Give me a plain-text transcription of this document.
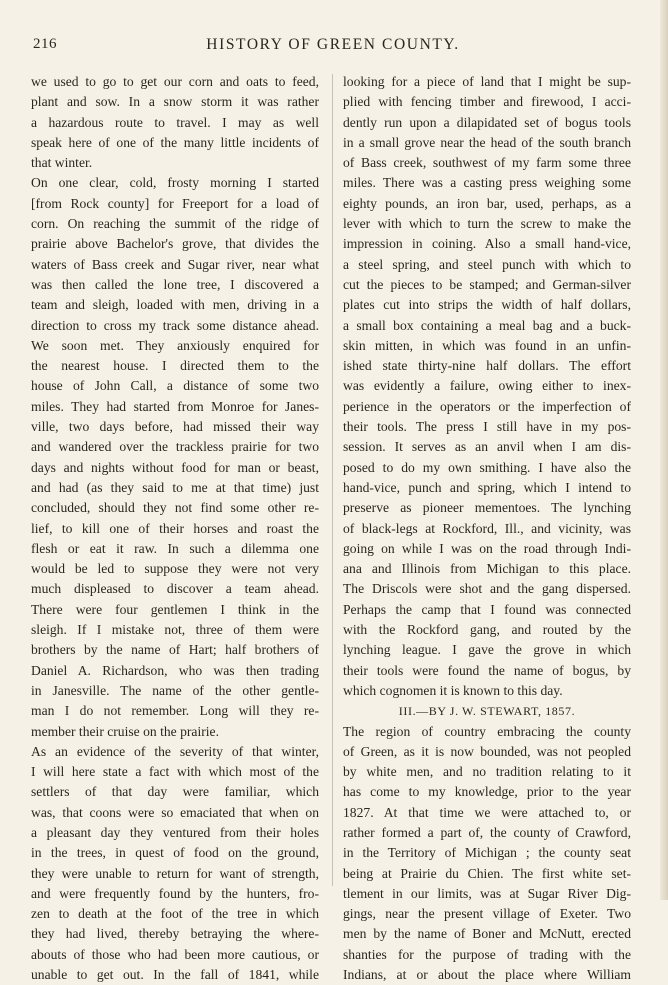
216	HISTORY OF GREEN COUNTY.
we used to go to get our corn and oats to feed,
plant and sow. In a snow storm it was rather
a hazardous route to travel. I may as well
speak here of one of the many little incidents of
that winter.
On one clear, cold, frosty morning I started
[from Rock county] for Freeport for a load of
corn. On reaching the summit of the ridge of
prairie above Bachelor's grove, that divides the
waters of Bass creek and Sugar river, near what
was then called the lone tree, I discovered a
team and sleigh, loaded with men, driving in a
direction to cross my track some distance ahead.
We soon met. They anxiously enquired for
the nearest house. I directed them to the
house of John Call, a distance of some two
miles. They had started from Monroe for Janes-
ville, two days before, had missed their way
and wandered over the trackless prairie for two
days and nights without food for man or beast,
and had (as they said to me at that time) just
concluded, should they not find some other re-
lief, to kill one of their horses and roast the
flesh or eat it raw. In such a dilemma one
would be led to suppose they were not very
much displeased to discover a team ahead.
There were four gentlemen I think in the
sleigh. If I mistake not, three of them were
brothers by the name of Hart; half brothers of
Daniel A. Richardson, who was then trading
in Janesville. The name of the other gentle-
man I do not remember. Long will they re-
member their cruise on the prairie.
As an evidence of the severity of that winter,
I will here state a fact with which most of the
settlers of that day were familiar, which
was, that coons were so emaciated that when on
a pleasant day they ventured from their holes
in the trees, in quest of food on the ground,
they were unable to return for want of strength,
and were frequently found by the hunters, fro-
zen to death at the foot of the tree in which
they had lived, thereby betraying the where-
abouts of those who had been more cautious, or
unable to get out. In the fall of 1841, while
looking for a piece of land that I might be sup-
plied with fencing timber and firewood, I acci-
dently run upon a dilapidated set of bogus tools
in a small grove near the head of the south branch
of Bass creek, southwest of my farm some three
miles. There was a casting press weighing some
eighty pounds, an iron bar, used, perhaps, as a
lever with which to turn the screw to make the
impression in coining. Also a small hand-vice,
a steel spring, and steel punch with which to
cut the pieces to be stamped; and German-silver
plates cut into strips the width of half dollars,
a small box containing a meal bag and a buck-
skin mitten, in which was found in an unfin-
ished state thirty-nine half dollars. The effort
was evidently a failure, owing either to inex-
perience in the operators or the imperfection of
their tools. The press I still have in my pos-
session. It serves as an anvil when I am dis-
posed to do my own smithing. I have also the
hand-vice, punch and spring, which I intend to
preserve as pioneer mementoes. The lynching
of black-legs at Rockford, Ill., and vicinity, was
going on while I was on the road through Indi-
ana and Illinois from Michigan to this place.
The Driscols were shot and the gang dispersed.
Perhaps the camp that I found was connected
with the Rockford gang, and routed by the
lynching league. I gave the grove in which
their tools were found the name of bogus, by
which cognomen it is known to this day.
III.—BY J. W. STEWART, 1857.
The region of country embracing the county
of Green, as it is now bounded, was not peopled
by white men, and no tradition relating to it
has come to my knowledge, prior to the year
1827. At that time we were attached to, or
rather formed a part of, the county of Crawford,
in the Territory of Michigan ; the county seat
being at Prairie du Chien. The first white set-
tlement in our limits, was at Sugar River Dig-
gings, near the present village of Exeter. Two
men by the name of Boner and McNutt, erected
shanties for the purpose of trading with the
Indians, at or about the place where William
